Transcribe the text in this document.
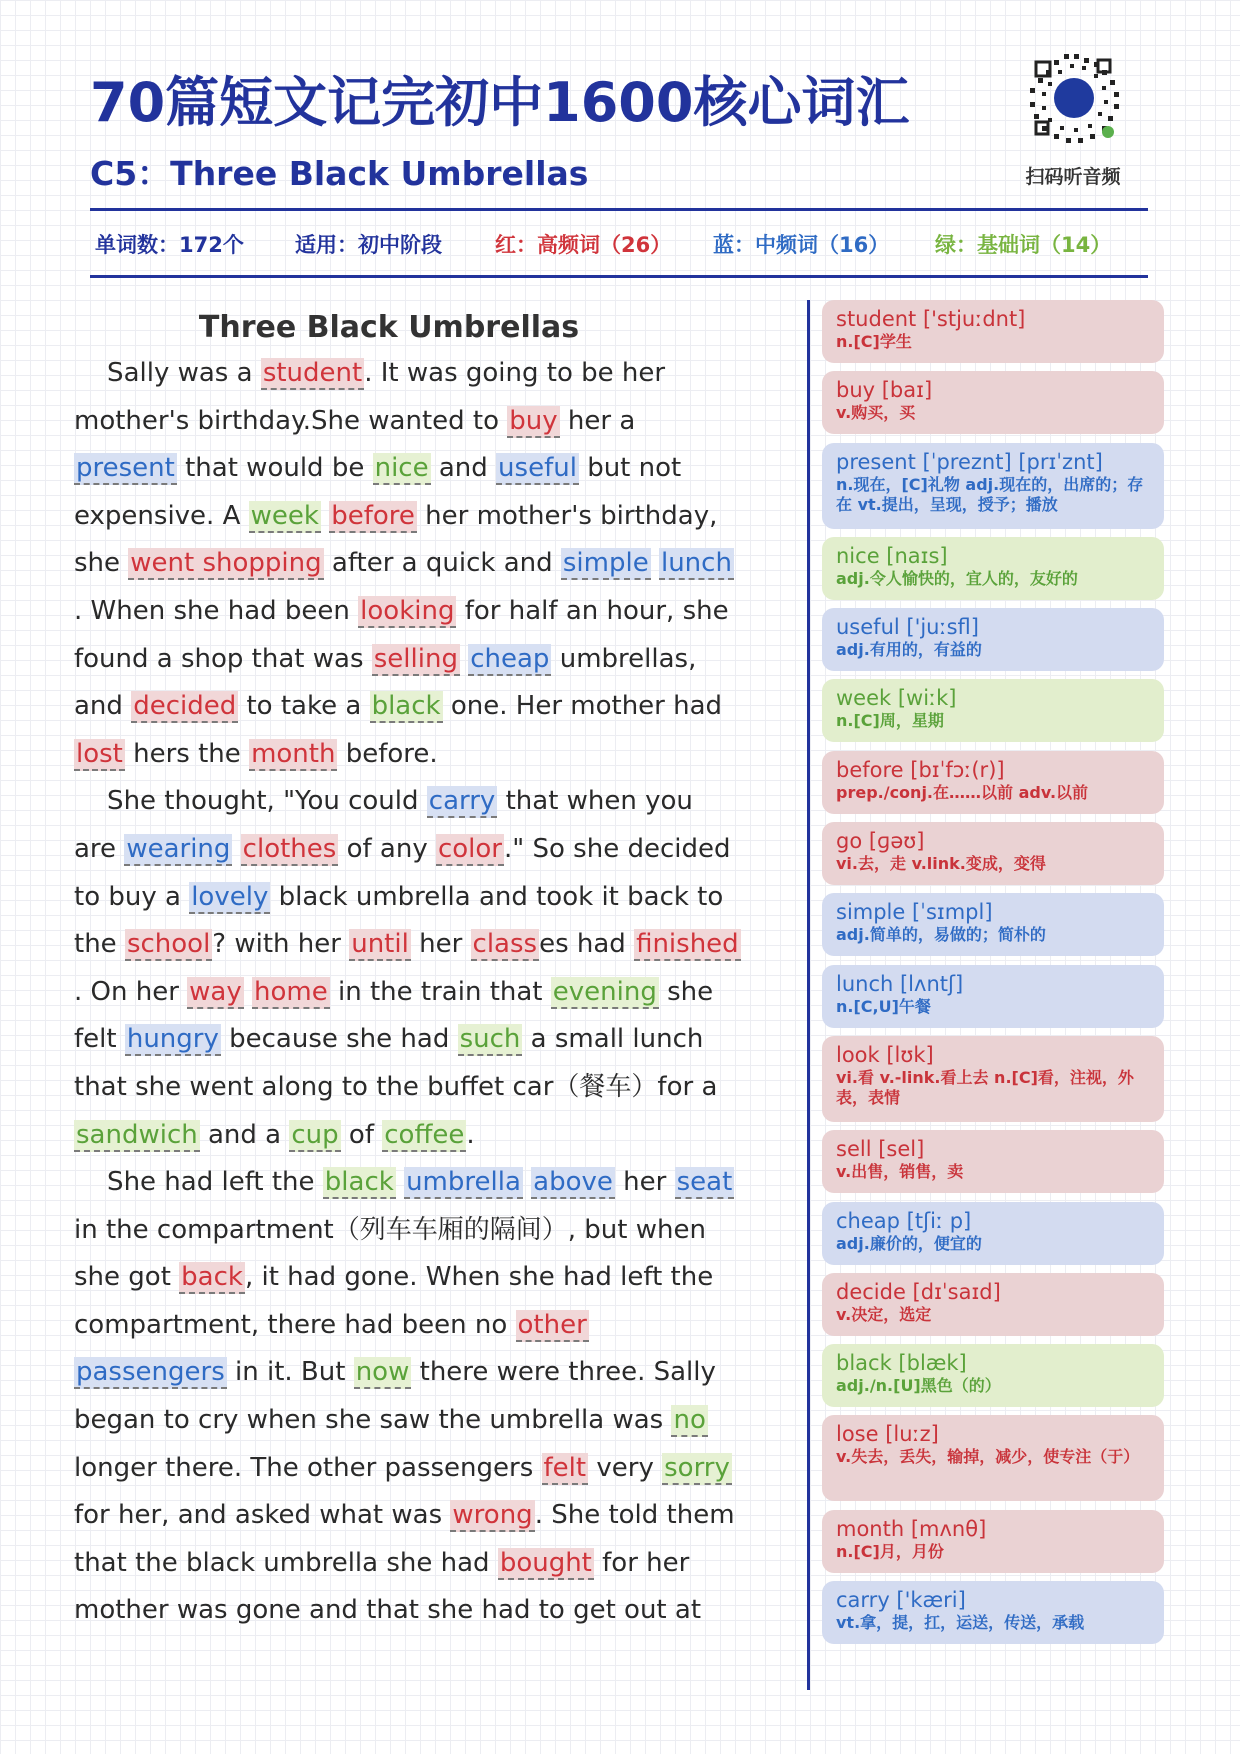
70篇短文记完初中1600核心词汇
C5：Three Black Umbrellas	扫码听音频
单词数：172个 适用：初中阶段	红：高频词（26） 蓝：中频词（16） 绿：基础词（14）
Three Black Umbrellas
Sally was a student. It was going to be her
mother's birthday.She wanted to buy her a
present that would be nice and useful but not
expensive. A week before her mother's birthday,
she went shopping after a quick and simple lunch
. When she had been looking for half an hour, she
found a shop that was selling cheap umbrellas,
and decided to take a black one. Her mother had
lost hers the month before.
She thought, "You could carry that when you
are wearing clothes of any color." So she decided
to buy a lovely black umbrella and took it back to
the school? with her until her classes had finished
. On her way home in the train that evening she
felt hungry because she had such a small lunch
that she went along to the buffet car（餐车）for a
sandwich and a cup of coffee.
She had left the black umbrella above her seat
in the compartment（列车车厢的隔间）, but when
she got back, it had gone. When she had left the
compartment, there had been no other
passengers in it. But now there were three. Sally
began to cry when she saw the umbrella was no
longer there. The other passengers felt very sorry
for her, and asked what was wrong. She told them
that the black umbrella she had bought for her
mother was gone and that she had to get out at
student ['stjuːdnt]
n.[C]学生
buy [baɪ]
v.购买，买
present [ˈpreznt] [prɪˈznt]
n.现在，[C]礼物 adj.现在的，出席的；存在 vt.提出，呈现，授予；播放
nice [naɪs]
adj.令人愉快的，宜人的，友好的
useful ['juːsfl]
adj.有用的，有益的
week [wiːk]
n.[C]周，星期
before [bɪˈfɔː(r)]
prep./conj.在……以前 adv.以前
go [ɡəʊ]
vi.去，走 v.link.变成，变得
simple [ˈsɪmpl]
adj.简单的，易做的；简朴的
lunch [lʌntʃ]
n.[C,U]午餐
look [lʊk]
vi.看 v.-link.看上去 n.[C]看，注视，外表，表情
sell [sel]
v.出售，销售，卖
cheap [tʃiː p]
adj.廉价的，便宜的
decide [dɪˈsaɪd]
v.决定，选定
black [blæk]
adj./n.[U]黑色（的）
lose [luːz]
v.失去，丢失，输掉，减少，使专注（于）
month [mʌnθ]
n.[C]月，月份
carry ['kæri]
vt.拿，提，扛，运送，传送，承载
